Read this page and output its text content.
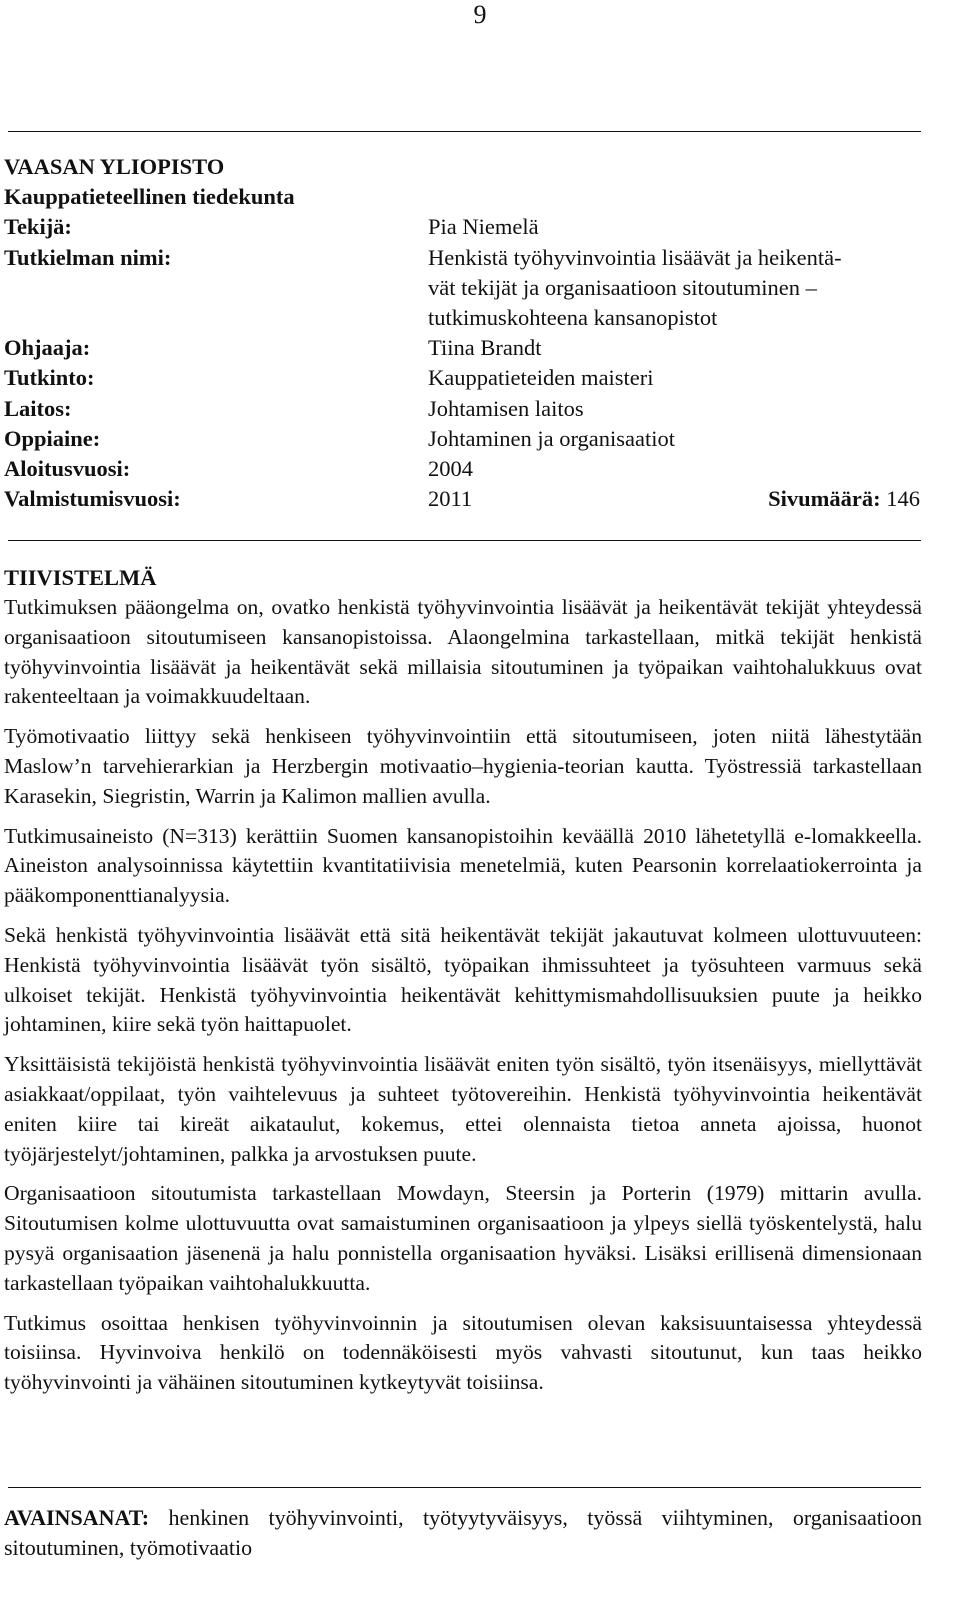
9
VAASAN YLIOPISTO
Kauppatieteellinen tiedekunta
Tekijä:	Pia Niemelä
Tutkielman nimi:	Henkistä työhyvinvointia lisäävät ja heikentä-
vät tekijät ja organisaatioon sitoutuminen –
tutkimuskohteena kansanopistot
Ohjaaja:	Tiina Brandt
Tutkinto:	Kauppatieteiden maisteri
Laitos:	Johtamisen laitos
Oppiaine:	Johtaminen ja organisaatiot
Aloitusvuosi:	2004
Valmistumisvuosi:	2011	Sivumäärä: 146
TIIVISTELMÄ

Tutkimuksen pääongelma on, ovatko henkistä työhyvinvointia lisäävät ja heikentävät tekijät yhteydessä organisaatioon sitoutumiseen kansanopistoissa. Alaongelmina tarkastellaan, mitkä tekijät henkistä työhyvinvointia lisäävät ja heikentävät sekä millaisia sitoutuminen ja työpaikan vaihtohalukkuus ovat rakenteeltaan ja voimakkuudeltaan.

Työmotivaatio liittyy sekä henkiseen työhyvinvointiin että sitoutumiseen, joten niitä lähestytään Maslow’n tarvehierarkian ja Herzbergin motivaatio–hygienia-teorian kautta. Työstressiä tarkastellaan Karasekin, Siegristin, Warrin ja Kalimon mallien avulla.

Tutkimusaineisto (N=313) kerättiin Suomen kansanopistoihin keväällä 2010 lähetetyllä e-lomakkeella. Aineiston analysoinnissa käytettiin kvantitatiivisia menetelmiä, kuten Pearsonin korrelaatiokerrointa ja pääkomponenttianalyysia.

Sekä henkistä työhyvinvointia lisäävät että sitä heikentävät tekijät jakautuvat kolmeen ulottuvuuteen: Henkistä työhyvinvointia lisäävät työn sisältö, työpaikan ihmissuhteet ja työsuhteen varmuus sekä ulkoiset tekijät. Henkistä työhyvinvointia heikentävät kehittymismahdollisuuksien puute ja heikko johtaminen, kiire sekä työn haittapuolet.

Yksittäisistä tekijöistä henkistä työhyvinvointia lisäävät eniten työn sisältö, työn itsenäisyys, miellyttävät asiakkaat/oppilaat, työn vaihtelevuus ja suhteet työtovereihin. Henkistä työhyvinvointia heikentävät eniten kiire tai kireät aikataulut, kokemus, ettei olennaista tietoa anneta ajoissa, huonot työjärjestelyt/johtaminen, palkka ja arvostuksen puute.

Organisaatioon sitoutumista tarkastellaan Mowdayn, Steersin ja Porterin (1979) mittarin avulla. Sitoutumisen kolme ulottuvuutta ovat samaistuminen organisaatioon ja ylpeys siellä työskentelystä, halu pysyä organisaation jäsenenä ja halu ponnistella organisaation hyväksi. Lisäksi erillisenä dimensionaan tarkastellaan työpaikan vaihtohalukkuutta.

Tutkimus osoittaa henkisen työhyvinvoinnin ja sitoutumisen olevan kaksisuuntaisessa yhteydessä toisiinsa. Hyvinvoiva henkilö on todennäköisesti myös vahvasti sitoutunut, kun taas heikko työhyvinvointi ja vähäinen sitoutuminen kytkeytyvät toisiinsa.

AVAINSANAT: henkinen työhyvinvointi, työtyytyväisyys, työssä viihtyminen, organisaatioon sitoutuminen, työmotivaatio
